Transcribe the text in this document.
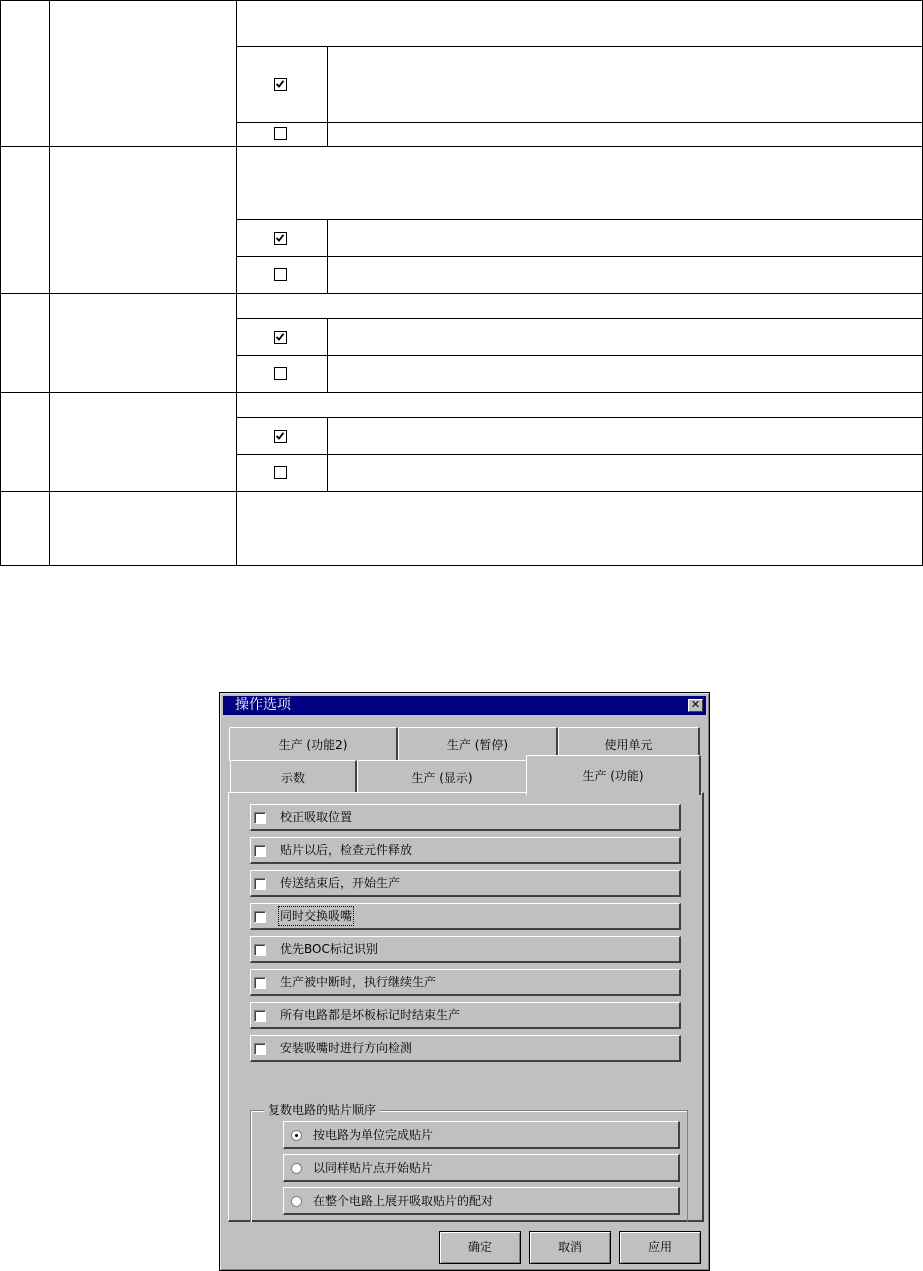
操作选项	✕
生产 (功能2)	生产 (暂停)	使用单元
示数	生产 (显示)	生产 (功能)
校正吸取位置
贴片以后，检查元件释放
传送结束后，开始生产
同时交换吸嘴
优先BOC标记识别
生产被中断时，执行继续生产
所有电路都是坏板标记时结束生产
安装吸嘴时进行方向检测
复数电路的贴片顺序
按电路为单位完成贴片
以同样贴片点开始贴片
在整个电路上展开吸取贴片的配对
确定	取消	应用
